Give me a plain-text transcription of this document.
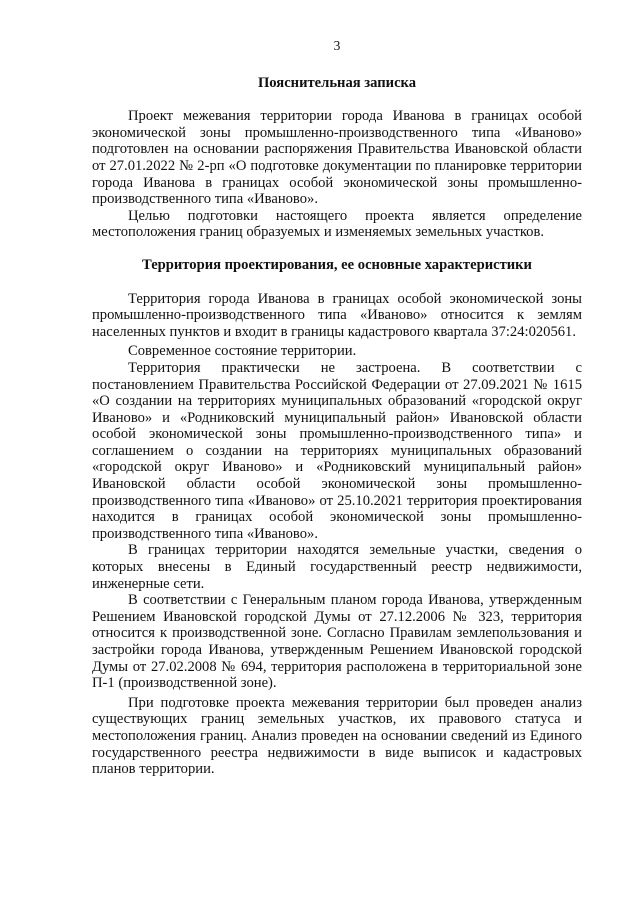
3
Пояснительная записка

Проект межевания территории города Иванова в границах особой экономической зоны промышленно-производственного типа «Иваново» подготовлен на основании распоряжения Правительства Ивановской области от 27.01.2022 № 2-рп «О подготовке документации по планировке территории города Иванова в границах особой экономической зоны промышленно-производственного типа «Иваново».

Целью подготовки настоящего проекта является определение местоположения границ образуемых и изменяемых земельных участков.

Территория проектирования, ее основные характеристики

Территория города Иванова в границах особой экономической зоны промышленно-производственного типа «Иваново» относится к землям населенных пунктов и входит в границы кадастрового квартала 37:24:020561.

Современное состояние территории.

Территория практически не застроена. В соответствии с постановлением Правительства Российской Федерации от 27.09.2021 № 1615 «О создании на территориях муниципальных образований «городской округ Иваново» и «Родниковский муниципальный район» Ивановской области особой экономической зоны промышленно-производственного типа» и соглашением о создании на территориях муниципальных образований «городской округ Иваново» и «Родниковский муниципальный район» Ивановской области особой экономической зоны промышленно-производственного типа «Иваново» от 25.10.2021 территория проектирования находится в границах особой экономической зоны промышленно-производственного типа «Иваново».

В границах территории находятся земельные участки, сведения о которых внесены в Единый государственный реестр недвижимости, инженерные сети.

В соответствии с Генеральным планом города Иванова, утвержденным Решением Ивановской городской Думы от 27.12.2006 № 323, территория относится к производственной зоне. Согласно Правилам землепользования и застройки города Иванова, утвержденным Решением Ивановской городской Думы от 27.02.2008 № 694, территория расположена в территориальной зоне П-1 (производственной зоне).

При подготовке проекта межевания территории был проведен анализ существующих границ земельных участков, их правового статуса и местоположения границ. Анализ проведен на основании сведений из Единого государственного реестра недвижимости в виде выписок и кадастровых планов территории.
